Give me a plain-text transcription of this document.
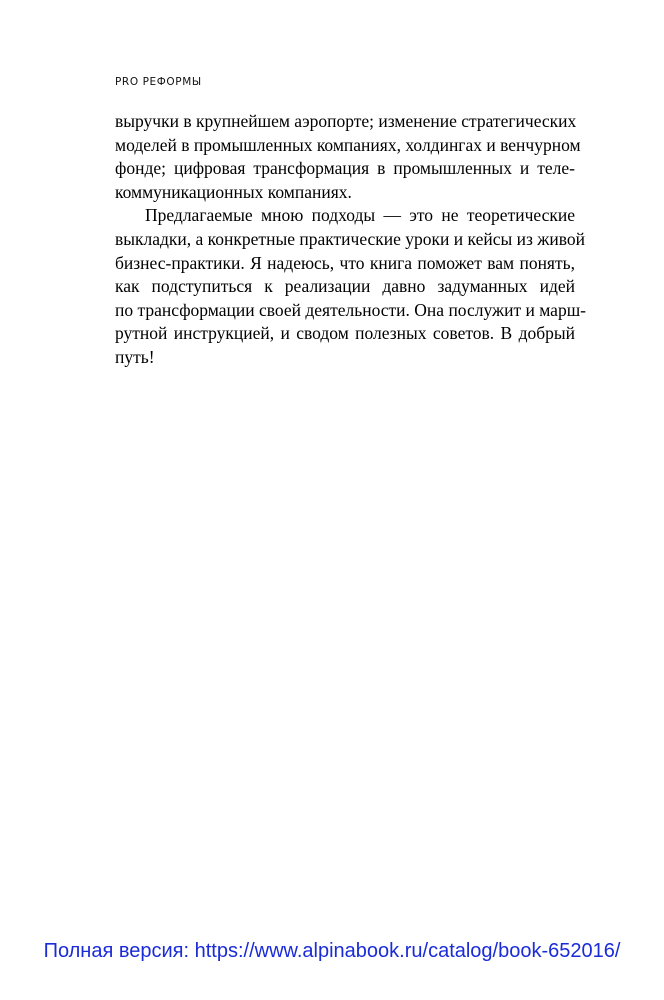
PRO РЕФОРМЫ
выручки в крупнейшем аэропорте; изменение стратегических
моделей в промышленных компаниях, холдингах и венчурном
фонде; цифровая трансформация в промышленных и теле-
коммуникационных компаниях.
Предлагаемые мною подходы — это не теоретические
выкладки, а конкретные практические уроки и кейсы из живой
бизнес-практики. Я надеюсь, что книга поможет вам понять,
как подступиться к реализации давно задуманных идей
по трансформации своей деятельности. Она послужит и марш-
рутной инструкцией, и сводом полезных советов. В добрый
путь!
Полная версия: https://www.alpinabook.ru/catalog/book-652016/
